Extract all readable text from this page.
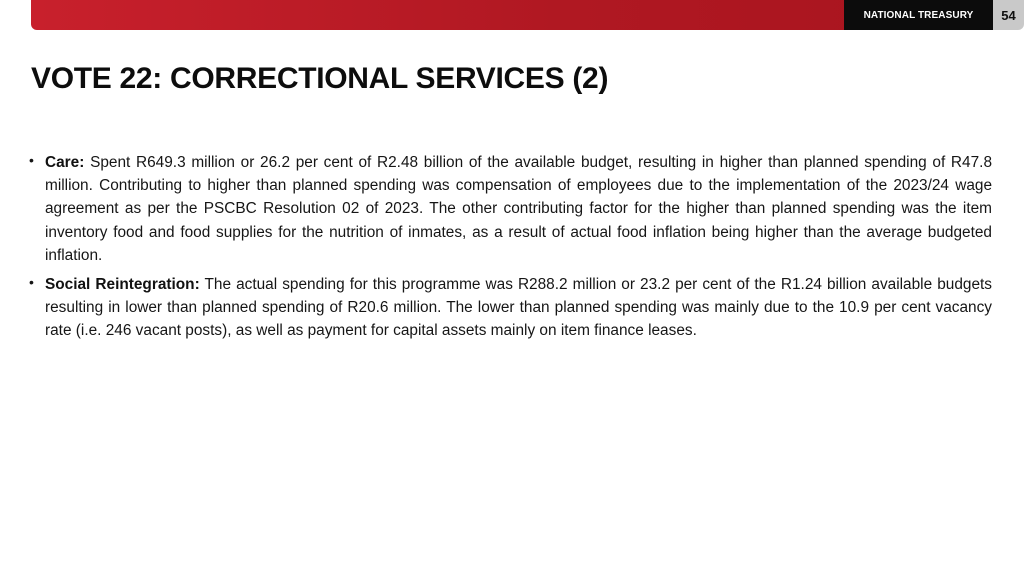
NATIONAL TREASURY	54
VOTE 22: CORRECTIONAL SERVICES (2)
• Care: Spent R649.3 million or 26.2 per cent of R2.48 billion of the available budget, resulting in higher than planned spending of R47.8 million. Contributing to higher than planned spending was compensation of employees due to the implementation of the 2023/24 wage agreement as per the PSCBC Resolution 02 of 2023. The other contributing factor for the higher than planned spending was the item inventory food and food supplies for the nutrition of inmates, as a result of actual food inflation being higher than the average budgeted inflation.
• Social Reintegration: The actual spending for this programme was R288.2 million or 23.2 per cent of the R1.24 billion available budgets resulting in lower than planned spending of R20.6 million. The lower than planned spending was mainly due to the 10.9 per cent vacancy rate (i.e. 246 vacant posts), as well as payment for capital assets mainly on item finance leases.
